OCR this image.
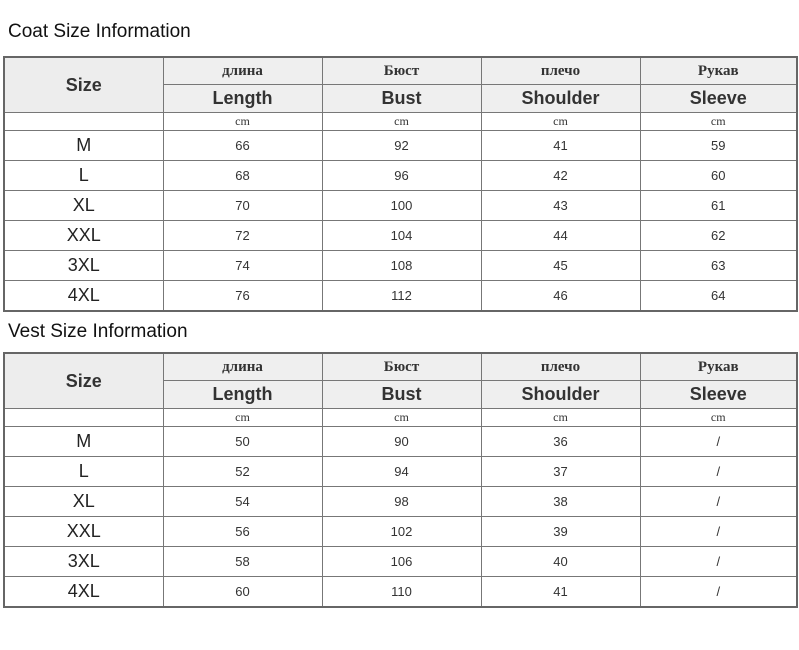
Coat Size Information
Size	длина	Бюст	плечо	Рукав
	Length	Bust	Shoulder	Sleeve
	cm	cm	cm	cm
M	66	92	41	59
L	68	96	42	60
XL	70	100	43	61
XXL	72	104	44	62
3XL	74	108	45	63
4XL	76	112	46	64
Vest Size Information
Size	длина	Бюст	плечо	Рукав
	Length	Bust	Shoulder	Sleeve
	cm	cm	cm	cm
M	50	90	36	/
L	52	94	37	/
XL	54	98	38	/
XXL	56	102	39	/
3XL	58	106	40	/
4XL	60	110	41	/
